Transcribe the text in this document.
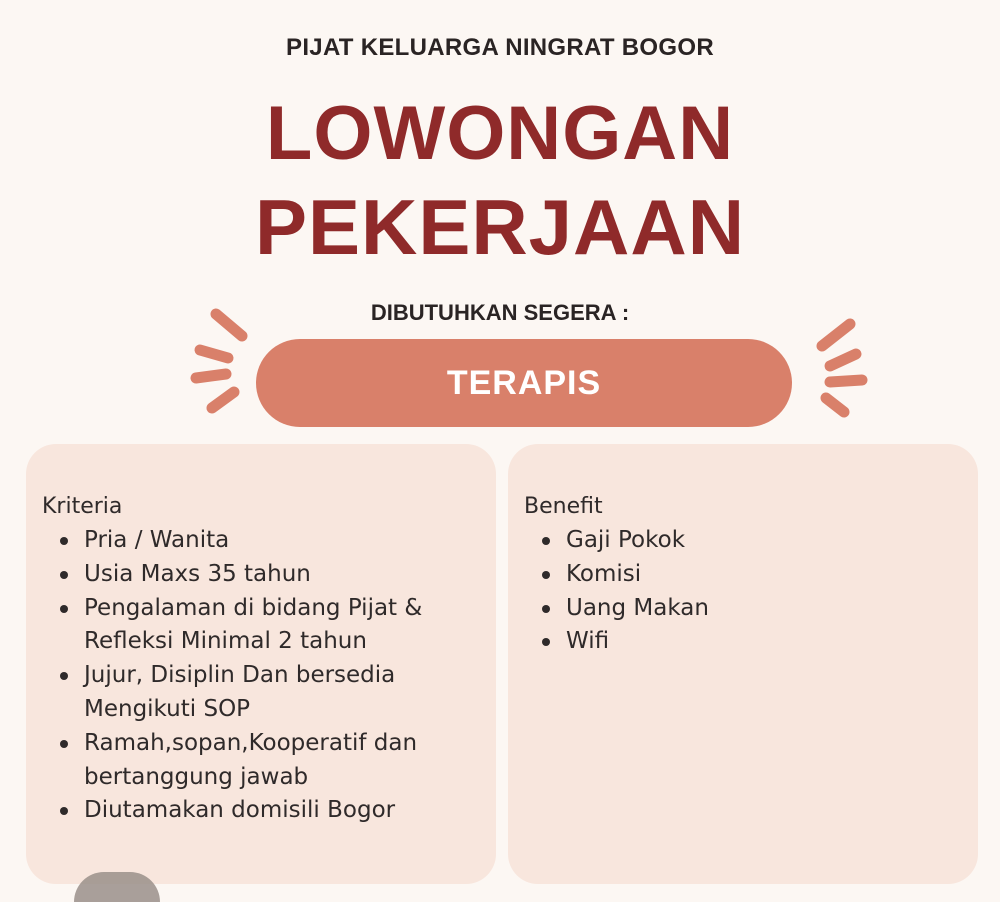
PIJAT KELUARGA NINGRAT BOGOR
LOWONGAN
PEKERJAAN
DIBUTUHKAN SEGERA :
TERAPIS
Kriteria
Pria / Wanita
Usia Maxs 35 tahun
Pengalaman di bidang Pijat & Refleksi Minimal 2 tahun
Jujur, Disiplin Dan bersedia Mengikuti SOP
Ramah,sopan,Kooperatif dan bertanggung jawab
Diutamakan domisili Bogor
Benefit
Gaji Pokok
Komisi
Uang Makan
Wifi
